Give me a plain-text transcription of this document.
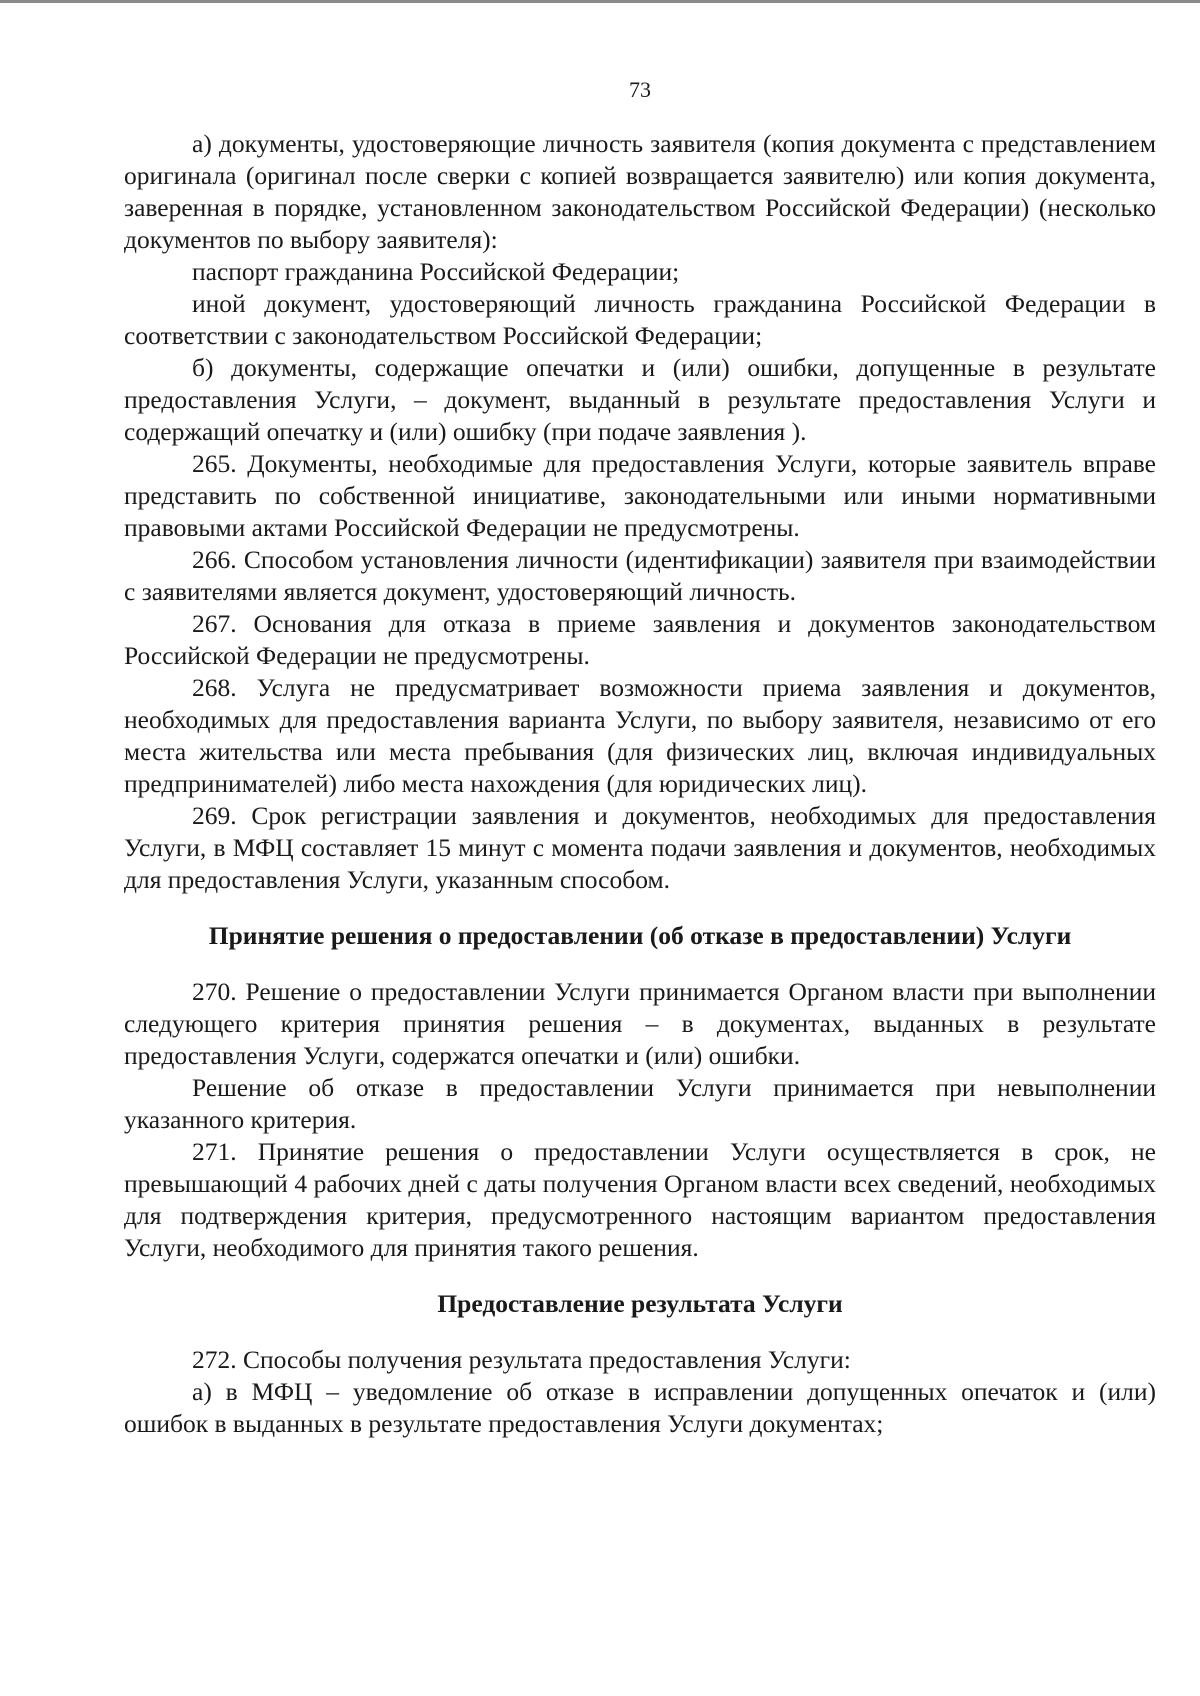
73

а) документы, удостоверяющие личность заявителя (копия документа с представлением оригинала (оригинал после сверки с копией возвращается заявителю) или копия документа, заверенная в порядке, установленном законодательством Российской Федерации) (несколько документов по выбору заявителя):

паспорт гражданина Российской Федерации;

иной документ, удостоверяющий личность гражданина Российской Федерации в соответствии с законодательством Российской Федерации;

б) документы, содержащие опечатки и (или) ошибки, допущенные в результате предоставления Услуги, – документ, выданный в результате предоставления Услуги и содержащий опечатку и (или) ошибку (при подаче заявления ).

265. Документы, необходимые для предоставления Услуги, которые заявитель вправе представить по собственной инициативе, законодательными или иными нормативными правовыми актами Российской Федерации не предусмотрены.

266. Способом установления личности (идентификации) заявителя при взаимодействии с заявителями является документ, удостоверяющий личность.

267. Основания для отказа в приеме заявления и документов законодательством Российской Федерации не предусмотрены.

268. Услуга не предусматривает возможности приема заявления и документов, необходимых для предоставления варианта Услуги, по выбору заявителя, независимо от его места жительства или места пребывания (для физических лиц, включая индивидуальных предпринимателей) либо места нахождения (для юридических лиц).

269. Срок регистрации заявления и документов, необходимых для предоставления Услуги, в МФЦ составляет 15 минут с момента подачи заявления и документов, необходимых для предоставления Услуги, указанным способом.

Принятие решения о предоставлении (об отказе в предоставлении) Услуги

270. Решение о предоставлении Услуги принимается Органом власти при выполнении следующего критерия принятия решения – в документах, выданных в результате предоставления Услуги, содержатся опечатки и (или) ошибки.

Решение об отказе в предоставлении Услуги принимается при невыполнении указанного критерия.

271. Принятие решения о предоставлении Услуги осуществляется в срок, не превышающий 4 рабочих дней с даты получения Органом власти всех сведений, необходимых для подтверждения критерия, предусмотренного настоящим вариантом предоставления Услуги, необходимого для принятия такого решения.

Предоставление результата Услуги

272. Способы получения результата предоставления Услуги:

а) в МФЦ – уведомление об отказе в исправлении допущенных опечаток и (или) ошибок в выданных в результате предоставления Услуги документах;
